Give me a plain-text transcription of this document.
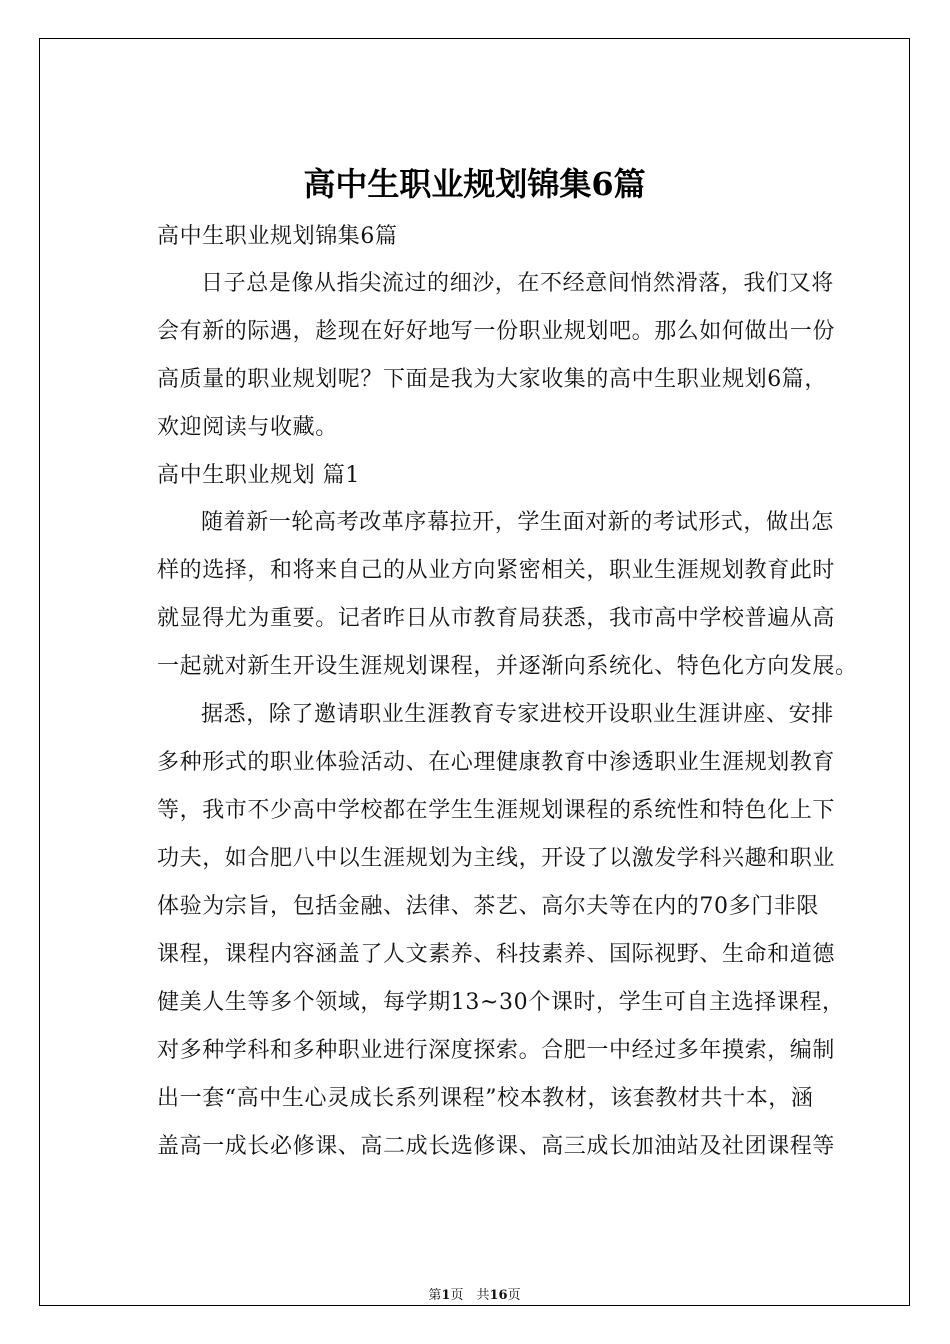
高中生职业规划锦集6篇
高中生职业规划锦集6篇
日子总是像从指尖流过的细沙，在不经意间悄然滑落，我们又将
会有新的际遇，趁现在好好地写一份职业规划吧。那么如何做出一份
高质量的职业规划呢？下面是我为大家收集的高中生职业规划6篇，
欢迎阅读与收藏。
高中生职业规划 篇1
随着新一轮高考改革序幕拉开，学生面对新的考试形式，做出怎
样的选择，和将来自己的从业方向紧密相关，职业生涯规划教育此时
就显得尤为重要。记者昨日从市教育局获悉，我市高中学校普遍从高
一起就对新生开设生涯规划课程，并逐渐向系统化、特色化方向发展。
据悉，除了邀请职业生涯教育专家进校开设职业生涯讲座、安排
多种形式的职业体验活动、在心理健康教育中渗透职业生涯规划教育
等，我市不少高中学校都在学生生涯规划课程的系统性和特色化上下
功夫，如合肥八中以生涯规划为主线，开设了以激发学科兴趣和职业
体验为宗旨，包括金融、法律、茶艺、高尔夫等在内的70多门非限
课程，课程内容涵盖了人文素养、科技素养、国际视野、生命和道德
健美人生等多个领域，每学期13~30个课时，学生可自主选择课程，
对多种学科和多种职业进行深度探索。合肥一中经过多年摸索，编制
出一套“高中生心灵成长系列课程”校本教材，该套教材共十本，涵
盖高一成长必修课、高二成长选修课、高三成长加油站及社团课程等
第1页　共16页
